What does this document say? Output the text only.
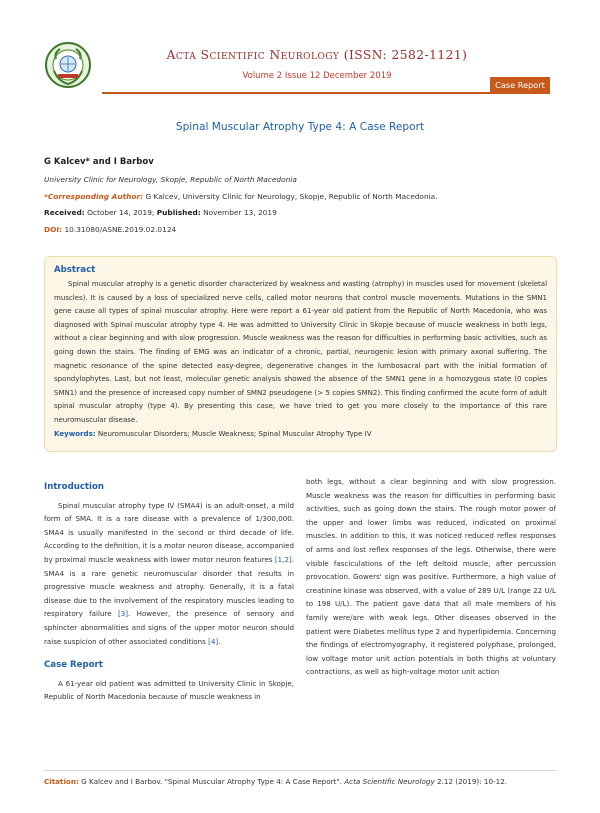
Acta Scientific Neurology (ISSN: 2582-1121)
Volume 2 Issue 12 December 2019
Case Report
Spinal Muscular Atrophy Type 4: A Case Report
G Kalcev* and I Barbov
University Clinic for Neurology, Skopje, Republic of North Macedonia
*Corresponding Author: G Kalcev, University Clinic for Neurology, Skopje, Republic of North Macedonia.
Received: October 14, 2019; Published: November 13, 2019
DOI: 10.31080/ASNE.2019.02.0124
Abstract
Spinal muscular atrophy is a genetic disorder characterized by weakness and wasting (atrophy) in muscles used for movement (skeletal muscles). It is caused by a loss of specialized nerve cells, called motor neurons that control muscle movements. Mutations in the SMN1 gene cause all types of spinal muscular atrophy. Here were report a 61-year old patient from the Republic of North Macedonia, who was diagnosed with Spinal muscular atrophy type 4. He was admitted to University Clinic in Skopje because of muscle weakness in both legs, without a clear beginning and with slow progression. Muscle weakness was the reason for difficulties in performing basic activities, such as going down the stairs. The finding of EMG was an indicator of a chronic, partial, neurogenic lesion with primary axonal suffering. The magnetic resonance of the spine detected easy-degree, degenerative changes in the lumbosacral part with the initial formation of spondylophytes. Last, but not least, molecular genetic analysis showed the absence of the SMN1 gene in a homozygous state (0 copies SMN1) and the presence of increased copy number of SMN2 pseudogene (> 5 copies SMN2). This finding confirmed the acute form of adult spinal muscular atrophy (type 4). By presenting this case, we have tried to get you more closely to the importance of this rare neuromuscular disease.
Keywords: Neuromuscular Disorders; Muscle Weakness; Spinal Muscular Atrophy Type IV
Introduction

Spinal muscular atrophy type IV (SMA4) is an adult-onset, a mild form of SMA. It is a rare disease with a prevalence of 1/300,000. SMA4 is usually manifested in the second or third decade of life. According to the definition, it is a motor neuron disease, accompanied by proximal muscle weakness with lower motor neuron features [1,2]. SMA4 is a rare genetic neuromuscular disorder that results in progressive muscle weakness and atrophy. Generally, it is a fatal disease due to the involvement of the respiratory muscles leading to respiratory failure [3]. However, the presence of sensory and sphincter abnormalities and signs of the upper motor neuron should raise suspicion of other associated conditions [4].

Case Report

A 61-year old patient was admitted to University Clinic in Skopje, Republic of North Macedonia because of muscle weakness in

both legs, without a clear beginning and with slow progression. Muscle weakness was the reason for difficulties in performing basic activities, such as going down the stairs. The rough motor power of the upper and lower limbs was reduced, indicated on proximal muscles. In addition to this, it was noticed reduced reflex responses of arms and lost reflex responses of the legs. Otherwise, there were visible fasciculations of the left deltoid muscle, after percussion provocation. Gowers' sign was positive. Furthermore, a high value of creatinine kinase was observed, with a value of 289 U/L (range 22 U/L to 198 U/L). The patient gave data that all male members of his family were/are with weak legs. Other diseases observed in the patient were Diabetes mellitus type 2 and hyperlipidemia. Concerning the findings of electromyography, it registered polyphase, prolonged, low voltage motor unit action potentials in both thighs at voluntary contractions, as well as high-voltage motor unit action

Citation: G Kalcev and I Barbov. "Spinal Muscular Atrophy Type 4: A Case Report". Acta Scientific Neurology 2.12 (2019): 10-12.
